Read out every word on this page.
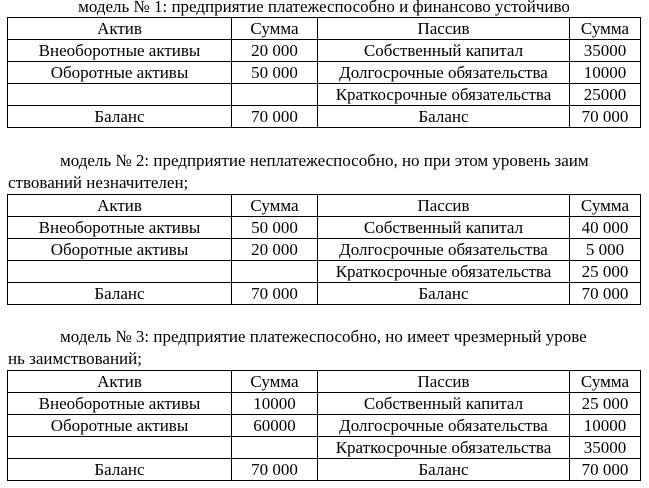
модель № 1: предприятие платежеспособно и финансово устойчиво
Актив	Сумма	Пассив	Сумма
Внеоборотные активы	20 000	Собственный капитал	35000
Оборотные активы	50 000	Долгосрочные обязательства	10000
		Краткосрочные обязательства	25000
Баланс	70 000	Баланс	70 000
модель № 2: предприятие неплатежеспособно, но при этом уровень заим
ствований незначителен;
Актив	Сумма	Пассив	Сумма
Внеоборотные активы	50 000	Собственный капитал	40 000
Оборотные активы	20 000	Долгосрочные обязательства	5 000
		Краткосрочные обязательства	25 000
Баланс	70 000	Баланс	70 000
модель № 3: предприятие платежеспособно, но имеет чрезмерный урове
нь заимствований;
Актив	Сумма	Пассив	Сумма
Внеоборотные активы	10000	Собственный капитал	25 000
Оборотные активы	60000	Долгосрочные обязательства	10000
		Краткосрочные обязательства	35000
Баланс	70 000	Баланс	70 000
